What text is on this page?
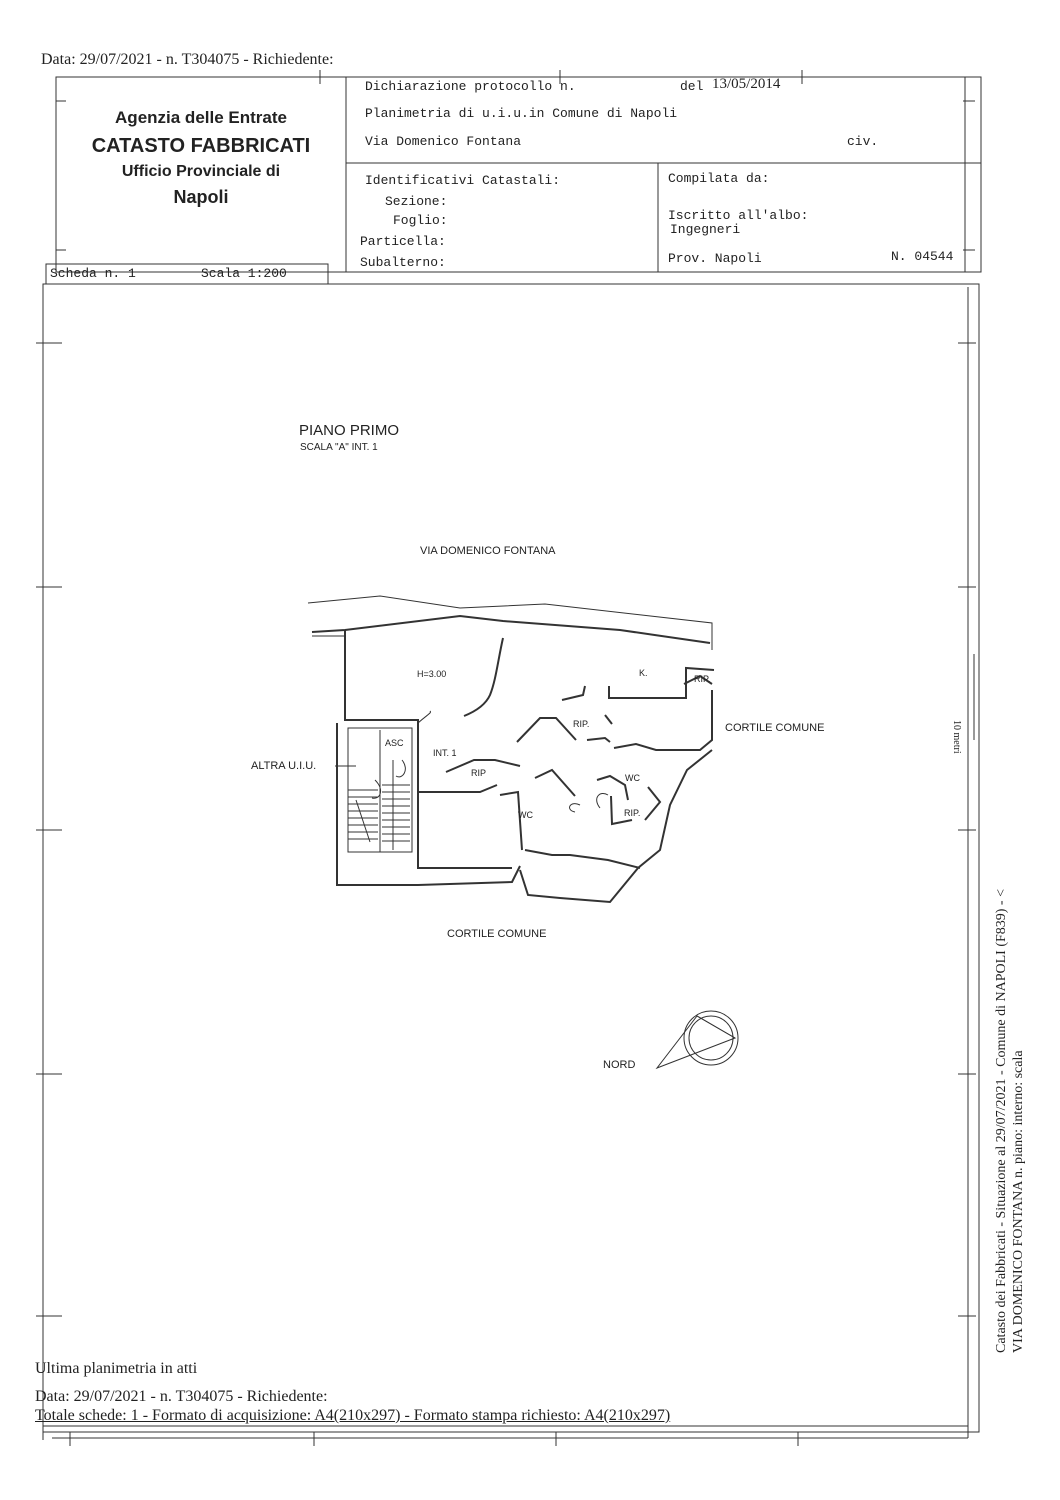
Data: 29/07/2021 - n. T304075 - Richiedente:
Agenzia delle Entrate
CATASTO FABBRICATI
Ufficio Provinciale di
Napoli
Dichiarazione protocollo n.	del 13/05/2014
Planimetria di u.i.u.in Comune di Napoli
Via Domenico Fontana	civ.
Identificativi Catastali:
Sezione:
Foglio:
Particella:
Subalterno:
Compilata da:
Iscritto all'albo:
Ingegneri
Prov. Napoli	N. 04544
Scheda n. 1	Scala 1:200
PIANO PRIMO
SCALA "A" INT. 1
VIA DOMENICO FONTANA
CORTILE COMUNE
CORTILE COMUNE
ALTRA U.I.U.
H=3.00	K.
RIP.
RIP.
ASC
INT. 1
RIP	WC
WC	RIP.
NORD
10 metri
Ultima planimetria in atti
Data: 29/07/2021 - n. T304075 - Richiedente:
Totale schede: 1 - Formato di acquisizione: A4(210x297) - Formato stampa richiesto: A4(210x297)
Catasto dei Fabbricati - Situazione al 29/07/2021 - Comune di NAPOLI (F839) - < VIA DOMENICO FONTANA n. piano: interno: scala
